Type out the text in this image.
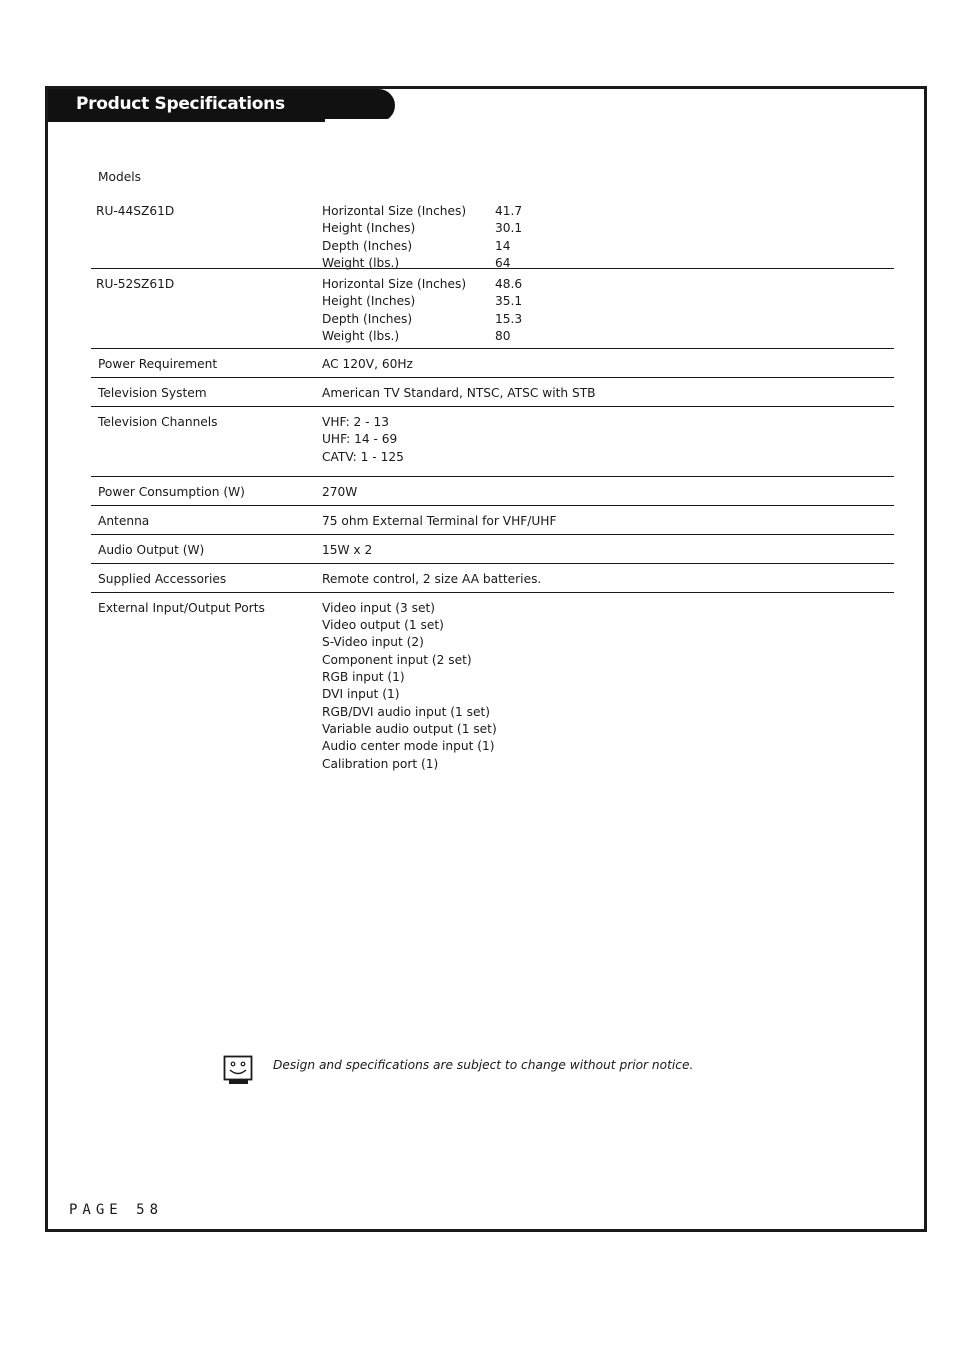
Product Specifications
Models
RU-44SZ61D	Horizontal Size (Inches) 41.7
Height (Inches)	30.1
Depth (Inches)	14
Weight (lbs.)	64
RU-52SZ61D	Horizontal Size (Inches) 48.6
Height (Inches)	35.1
Depth (Inches)	15.3
Weight (lbs.)	80
Power Requirement	AC 120V, 60Hz
Television System	American TV Standard, NTSC, ATSC with STB
Television Channels	VHF: 2 - 13
UHF: 14 - 69
CATV: 1 - 125
Power Consumption (W)	270W
Antenna	75 ohm External Terminal for VHF/UHF
Audio Output (W)	15W x 2
Supplied Accessories	Remote control, 2 size AA batteries.
External Input/Output Ports	Video input (3 set)
Video output (1 set)
S-Video input (2)
Component input (2 set)
RGB input (1)
DVI input (1)
RGB/DVI audio input (1 set)
Variable audio output (1 set)
Audio center mode input (1)
Calibration port (1)
Design and specifications are subject to change without prior notice.
PAGE 58
